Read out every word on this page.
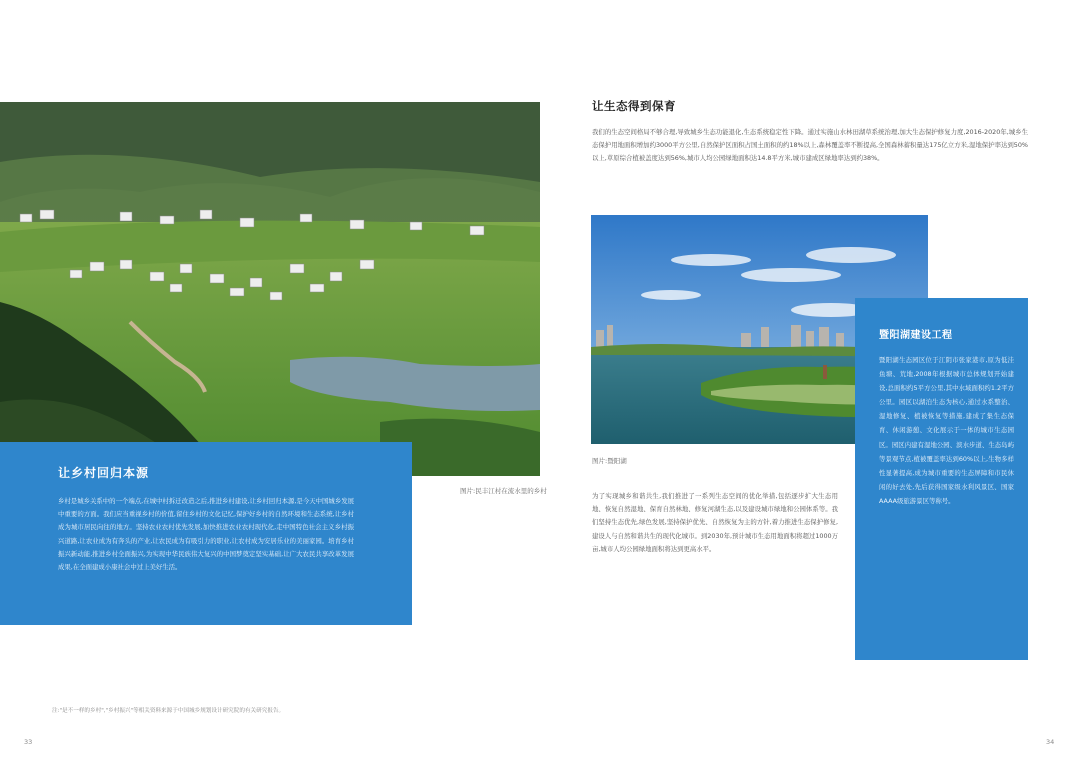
图片:民丰江村在流水里的乡村
让乡村回归本源
乡村是城乡关系中的一个端点,在城中村拆迁改造之后,推进乡村建设,让乡村回归本源,是今天中国城乡发展中重要的方面。我们应当重视乡村的价值,留住乡村的文化记忆,保护好乡村的自然环境和生态系统,让乡村成为城市居民向往的地方。坚持农业农村优先发展,加快推进农业农村现代化,走中国特色社会主义乡村振兴道路,让农业成为有奔头的产业,让农民成为有吸引力的职业,让农村成为安居乐业的美丽家园。培育乡村振兴新动能,推进乡村全面振兴,为实现中华民族伟大复兴的中国梦奠定坚实基础,让广大农民共享改革发展成果,在全面建成小康社会中过上美好生活。
让生态得到保育
我们的生态空间格局不够合理,导致城乡生态功能退化,生态系统稳定性下降。通过实施山水林田湖草系统治理,加大生态保护修复力度,2016-2020年,城乡生态保护用地面积增加约3000平方公里,自然保护区面积占国土面积的约18%以上,森林覆盖率不断提高,全国森林蓄积量达175亿立方米,湿地保护率达到50%以上,草原综合植被盖度达到56%,城市人均公园绿地面积达14.8平方米,城市建成区绿地率达到约38%。
图片:暨阳湖
为了实现城乡和谐共生,我们推进了一系列生态空间的优化举措,包括逐步扩大生态用地、恢复自然湿地、保育自然林地、修复河湖生态,以及建设城市绿地和公园体系等。我们坚持生态优先,绿色发展,坚持保护优先、自然恢复为主的方针,着力推进生态保护修复,建设人与自然和谐共生的现代化城市。到2030年,预计城市生态用地面积将超过1000万亩,城市人均公园绿地面积将达到更高水平。
暨阳湖建设工程
暨阳湖生态园区位于江阴市张家港市,原为低洼鱼塘、荒地,2008年根据城市总体规划开始建设,总面积约5平方公里,其中水域面积约1.2平方公里。园区以湖泊生态为核心,通过水系整治、湿地修复、植被恢复等措施,建成了集生态保育、休闲游憩、文化展示于一体的城市生态园区。园区内建有湿地公园、滨水步道、生态岛屿等景观节点,植被覆盖率达到60%以上,生物多样性显著提高,成为城市重要的生态屏障和市民休闲的好去处,先后获得国家级水利风景区、国家AAAA级旅游景区等称号。
注:"是不一样的乡村","乡村振兴"等相关资料来源于中国城乡规划设计研究院的有关研究报告。
33	34
